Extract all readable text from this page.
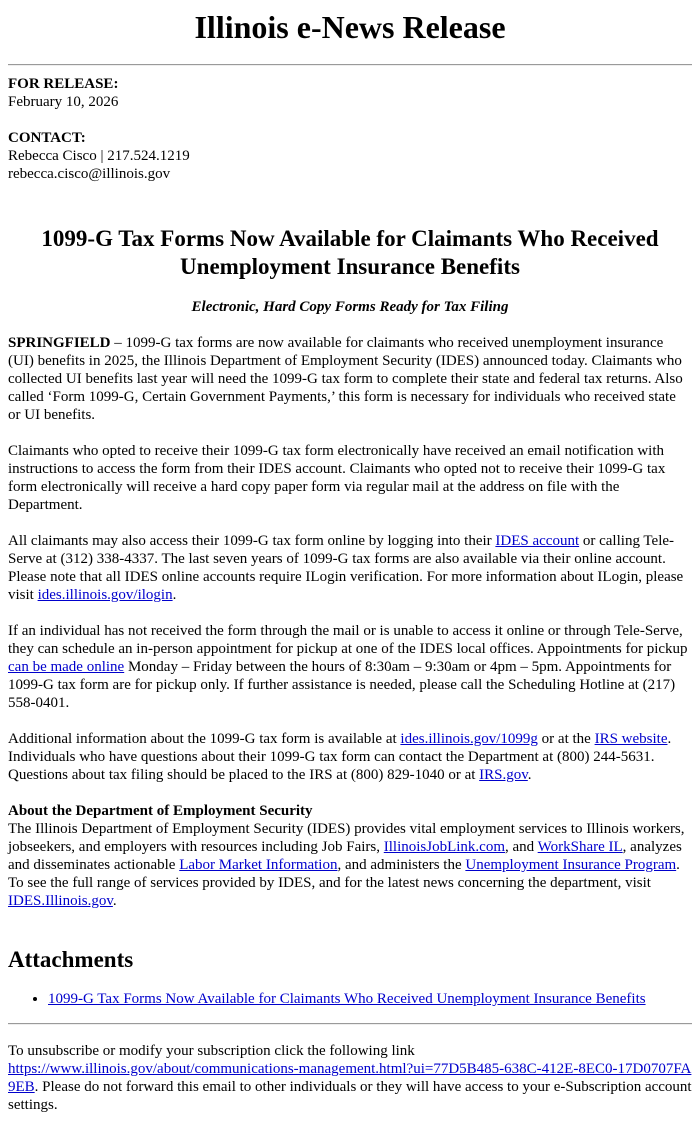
Illinois e-News Release

FOR RELEASE:

February 10, 2026

CONTACT:

Rebecca Cisco | 217.524.1219

rebecca.cisco@illinois.gov

1099-G Tax Forms Now Available for Claimants Who Received Unemployment Insurance Benefits

Electronic, Hard Copy Forms Ready for Tax Filing

SPRINGFIELD – 1099-G tax forms are now available for claimants who received unemployment insurance (UI) benefits in 2025, the Illinois Department of Employment Security (IDES) announced today. Claimants who collected UI benefits last year will need the 1099-G tax form to complete their state and federal tax returns. Also called ‘Form 1099-G, Certain Government Payments,’ this form is necessary for individuals who received state or UI benefits.

Claimants who opted to receive their 1099-G tax form electronically have received an email notification with instructions to access the form from their IDES account. Claimants who opted not to receive their 1099-G tax form electronically will receive a hard copy paper form via regular mail at the address on file with the Department.

All claimants may also access their 1099-G tax form online by logging into their IDES account or calling Tele-Serve at (312) 338-4337. The last seven years of 1099-G tax forms are also available via their online account. Please note that all IDES online accounts require ILogin verification. For more information about ILogin, please visit ides.illinois.gov/ilogin.

If an individual has not received the form through the mail or is unable to access it online or through Tele-Serve, they can schedule an in-person appointment for pickup at one of the IDES local offices. Appointments for pickup can be made online Monday – Friday between the hours of 8:30am – 9:30am or 4pm – 5pm. Appointments for 1099-G tax form are for pickup only. If further assistance is needed, please call the Scheduling Hotline at (217) 558-0401.

Additional information about the 1099-G tax form is available at ides.illinois.gov/1099g or at the IRS website. Individuals who have questions about their 1099-G tax form can contact the Department at (800) 244-5631. Questions about tax filing should be placed to the IRS at (800) 829-1040 or at IRS.gov.

About the Department of Employment Security
The Illinois Department of Employment Security (IDES) provides vital employment services to Illinois workers, jobseekers, and employers with resources including Job Fairs, IllinoisJobLink.com, and WorkShare IL, analyzes and disseminates actionable Labor Market Information, and administers the Unemployment Insurance Program. To see the full range of services provided by IDES, and for the latest news concerning the department, visit IDES.Illinois.gov.

Attachments
• 1099-G Tax Forms Now Available for Claimants Who Received Unemployment Insurance Benefits

To unsubscribe or modify your subscription click the following link
https://www.illinois.gov/about/communications-management.html?ui=77D5B485-638C-412E-8EC0-17D0707FA9EB. Please do not forward this email to other individuals or they will have access to your e-Subscription account settings.
